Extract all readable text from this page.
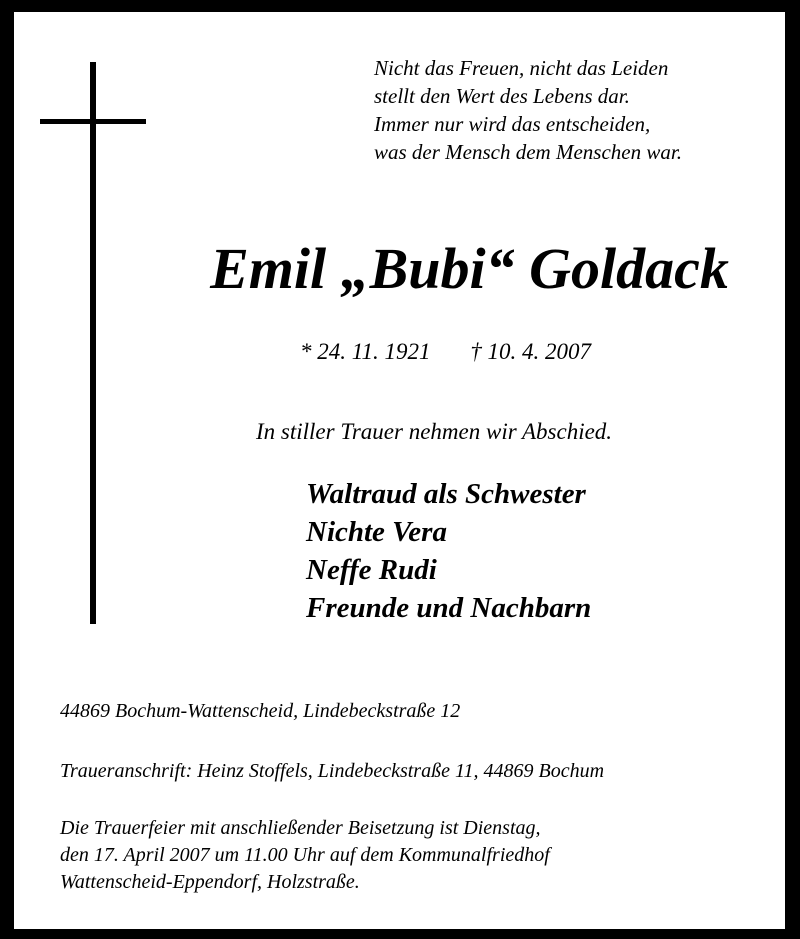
Nicht das Freuen, nicht das Leiden
stellt den Wert des Lebens dar.
Immer nur wird das entscheiden,
was der Mensch dem Menschen war.
Emil „Bubi“ Goldack
* 24. 11. 1921 † 10. 4. 2007
In stiller Trauer nehmen wir Abschied.
Waltraud als Schwester
Nichte Vera
Neffe Rudi
Freunde und Nachbarn
44869 Bochum-Wattenscheid, Lindebeckstraße 12
Traueranschrift: Heinz Stoffels, Lindebeckstraße 11, 44869 Bochum
Die Trauerfeier mit anschließender Beisetzung ist Dienstag,
den 17. April 2007 um 11.00 Uhr auf dem Kommunalfriedhof
Wattenscheid-Eppendorf, Holzstraße.
